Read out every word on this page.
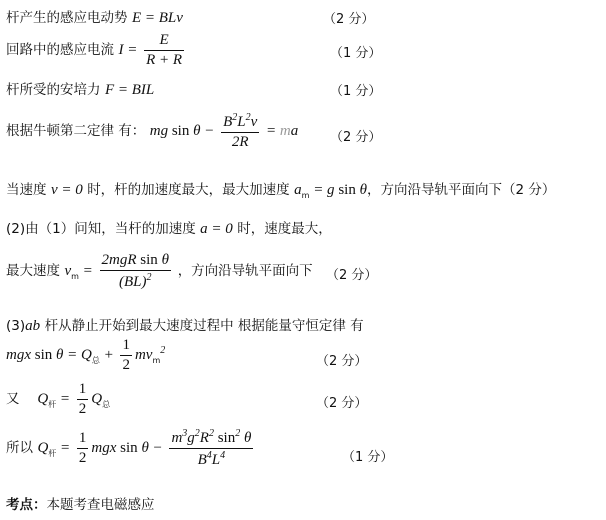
杆产生的感应电动势 E = BLv	（2 分）
回路中的感应电流 $I = \frac{E}{R + R}$	（1 分）
杆所受的安培力 F = BIL	（1 分）
根据牛顿第二定律 有： mg $\sin \theta - \frac{B^2L^2v}{2R}$ = ma	（2 分）
当速度 v = 0 时，杆的加速度最大，最大加速度 $a_m = g$ sin θ，方向沿导轨平面向下（2 分）
(2)由（1）问知，当杆的加速度 a = 0 时，速度最大，
最大速度 $v_m = \frac{\text{2mgR sin θ}}{(BL)^2}$ ，方向沿导轨平面向下	（2 分）
(3)ab 杆从静止开始到最大速度过程中 根据能量守恒定律 有
mgx $\sin \theta = Q_总 + \frac{1}{2} mv_m^2$
（2 分）
又 $Q_杆 = \frac{1}{2} Q_总$	（2 分）
所以 $Q_杆 = \frac{1}{2}$ mgx $\sin \theta - \frac{m^3g^2R^2 \sin^2 \theta}{B^4L^4}$	（1 分）
考点：本题考查电磁感应
